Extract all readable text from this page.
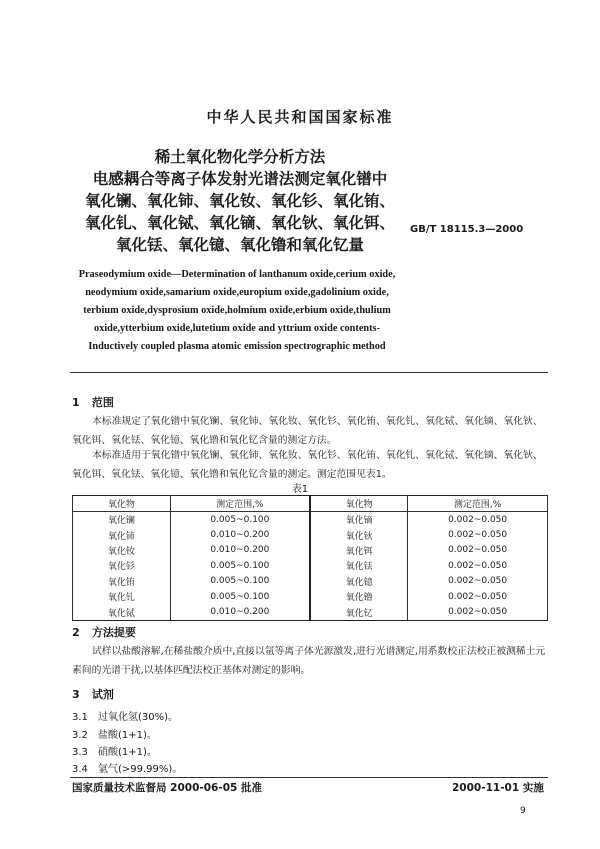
中华人民共和国国家标准
稀土氧化物化学分析方法
电感耦合等离子体发射光谱法测定氧化镨中
氧化镧、氧化铈、氧化钕、氧化钐、氧化铕、
氧化钆、氧化铽、氧化镝、氧化钬、氧化铒、
氧化铥、氧化镱、氧化镥和氧化钇量
GB/T 18115.3—2000
Praseodymium oxide—Determination of lanthanum oxide,cerium oxide,
neodymium oxide,samarium oxide,europium oxide,gadolinium oxide,
terbium oxide,dysprosium oxide,holmium oxide,erbium oxide,thulium
oxide,ytterbium oxide,lutetium oxide and yttrium oxide contents-
Inductively coupled plasma atomic emission spectrographic method
1 范围
本标准规定了氧化镨中氧化镧、氧化铈、氧化钕、氧化钐、氧化铕、氧化钆、氧化铽、氧化镝、氧化钬、氧化铒、氧化铥、氧化镱、氧化镥和氧化钇含量的测定方法。
本标准适用于氧化镨中氧化镧、氧化铈、氧化钕、氧化钐、氧化铕、氧化钆、氧化铽、氧化镝、氧化钬、氧化铒、氧化铥、氧化镱、氧化镥和氧化钇含量的测定。测定范围见表1。
表1
氧化物	测定范围,%	氧化物	测定范围,%
氧化镧	0.005~0.100	氧化镝	0.002~0.050
氧化铈	0.010~0.200	氧化钬	0.002~0.050
氧化钕	0.010~0.200	氧化铒	0.002~0.050
氧化钐	0.005~0.100	氧化铥	0.002~0.050
氧化铕	0.005~0.100	氧化镱	0.002~0.050
氧化钆	0.005~0.100	氧化镥	0.002~0.050
氧化铽	0.010~0.200	氧化钇	0.002~0.050
2 方法提要
试样以盐酸溶解,在稀盐酸介质中,直接以氩等离子体光源激发,进行光谱测定,用系数校正法校正被测稀土元素间的光谱干扰,以基体匹配法校正基体对测定的影响。
3 试剂
3.1 过氧化氢(30%)。
3.2 盐酸(1+1)。
3.3 硝酸(1+1)。
3.4 氩气(>99.99%)。
国家质量技术监督局 2000-06-05 批准	2000-11-01 实施
9
